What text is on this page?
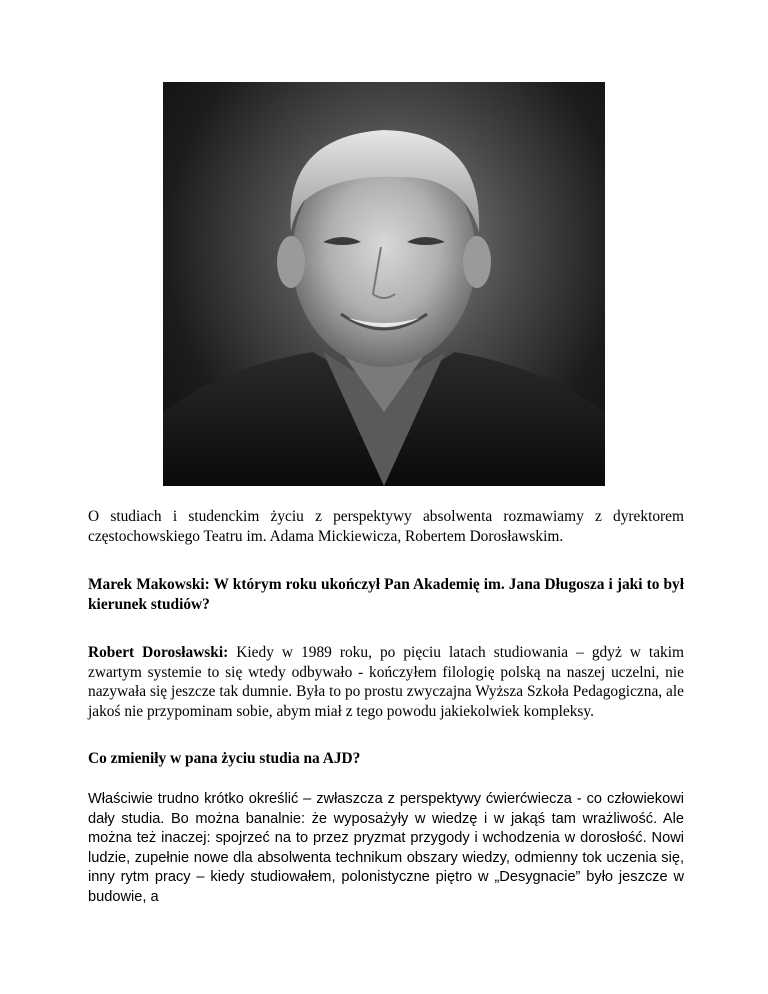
O studiach i studenckim życiu z perspektywy absolwenta rozmawiamy z dyrektorem częstochowskiego Teatru im. Adama Mickiewicza, Robertem Dorosławskim.

Marek Makowski: W którym roku ukończył Pan Akademię im. Jana Długosza i jaki to był kierunek studiów?

Robert Dorosławski: Kiedy w 1989 roku, po pięciu latach studiowania – gdyż w takim zwartym systemie to się wtedy odbywało - kończyłem filologię polską na naszej uczelni, nie nazywała się jeszcze tak dumnie. Była to po prostu zwyczajna Wyższa Szkoła Pedagogiczna, ale jakoś nie przypominam sobie, abym miał z tego powodu jakiekolwiek kompleksy.

Co zmieniły w pana życiu studia na AJD?

Właściwie trudno krótko określić – zwłaszcza z perspektywy ćwierćwiecza - co człowiekowi dały studia. Bo można banalnie: że wyposażyły w wiedzę i w jakąś tam wrażliwość. Ale można też inaczej: spojrzeć na to przez pryzmat przygody i wchodzenia w dorosłość. Nowi ludzie, zupełnie nowe dla absolwenta technikum obszary wiedzy, odmienny tok uczenia się, inny rytm pracy – kiedy studiowałem, polonistyczne piętro w „Desygnacie” było jeszcze w budowie, a
